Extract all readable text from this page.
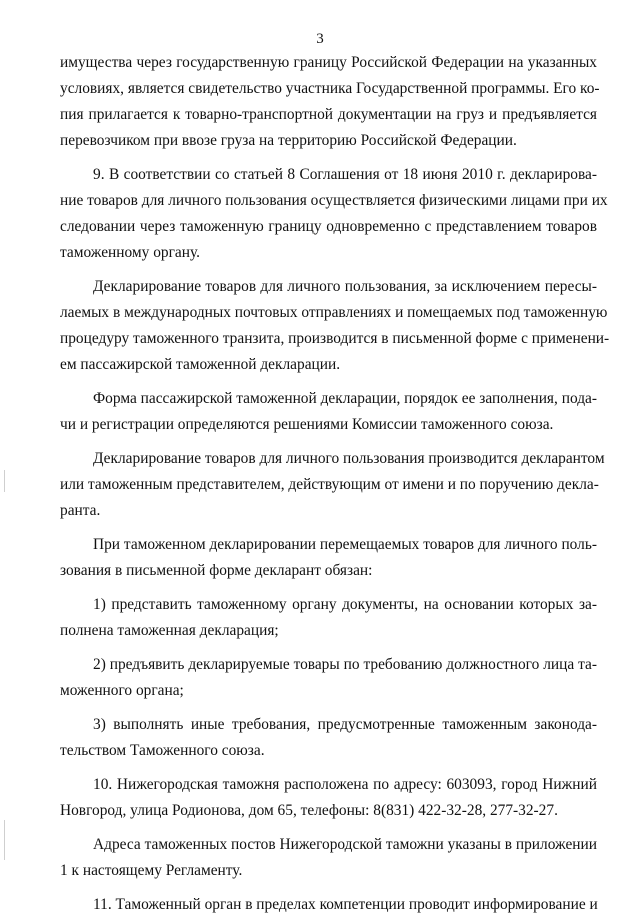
3
имущества через государственную границу Российской Федерации на указанных
условиях, является свидетельство участника Государственной программы. Его ко-
пия прилагается к товарно-транспортной документации на груз и предъявляется
перевозчиком при ввозе груза на территорию Российской Федерации.
9. В соответствии со статьей 8 Соглашения от 18 июня 2010 г. декларирова-
ние товаров для личного пользования осуществляется физическими лицами при их
следовании через таможенную границу одновременно с представлением товаров
таможенному органу.
Декларирование товаров для личного пользования, за исключением пересы-
лаемых в международных почтовых отправлениях и помещаемых под таможенную
процедуру таможенного транзита, производится в письменной форме с применени-
ем пассажирской таможенной декларации.
Форма пассажирской таможенной декларации, порядок ее заполнения, пода-
чи и регистрации определяются решениями Комиссии таможенного союза.
Декларирование товаров для личного пользования производится декларантом
или таможенным представителем, действующим от имени и по поручению декла-
ранта.
При таможенном декларировании перемещаемых товаров для личного поль-
зования в письменной форме декларант обязан:
1) представить таможенному органу документы, на основании которых за-
полнена таможенная декларация;
2) предъявить декларируемые товары по требованию должностного лица та-
моженного органа;
3) выполнять иные требования, предусмотренные таможенным законода-
тельством Таможенного союза.
10. Нижегородская таможня расположена по адресу: 603093, город Нижний
Новгород, улица Родионова, дом 65, телефоны: 8(831) 422-32-28, 277-32-27.
Адреса таможенных постов Нижегородской таможни указаны в приложении
1 к настоящему Регламенту.
11. Таможенный орган в пределах компетенции проводит информирование и
